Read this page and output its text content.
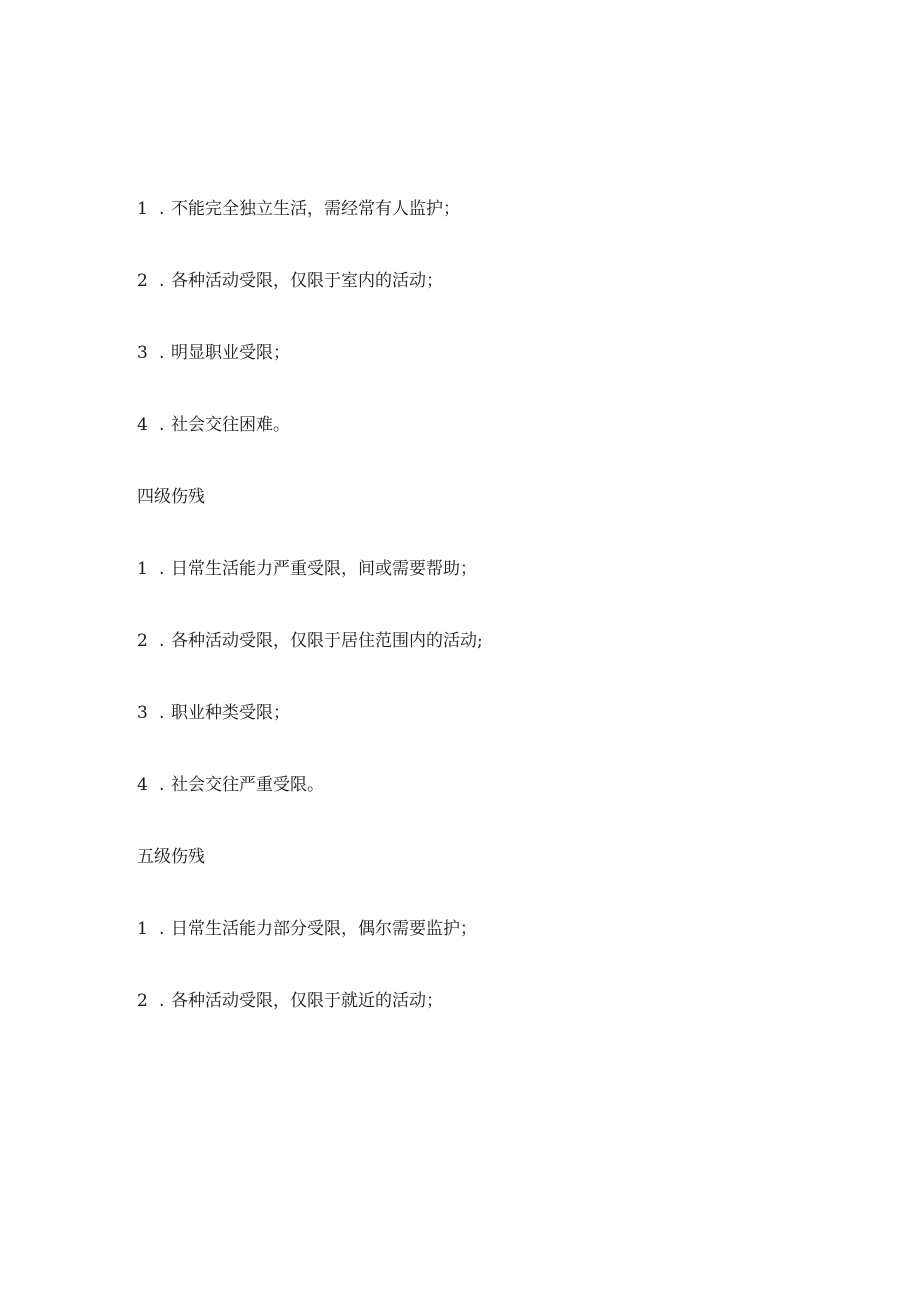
1 . 不能完全独立生活，需经常有人监护；
2 . 各种活动受限，仅限于室内的活动；
3 . 明显职业受限；
4 . 社会交往困难。
四级伤残
1 . 日常生活能力严重受限，间或需要帮助；
2 . 各种活动受限，仅限于居住范围内的活动;
3 . 职业种类受限；
4 . 社会交往严重受限。
五级伤残
1 . 日常生活能力部分受限，偶尔需要监护；
2 . 各种活动受限，仅限于就近的活动；
